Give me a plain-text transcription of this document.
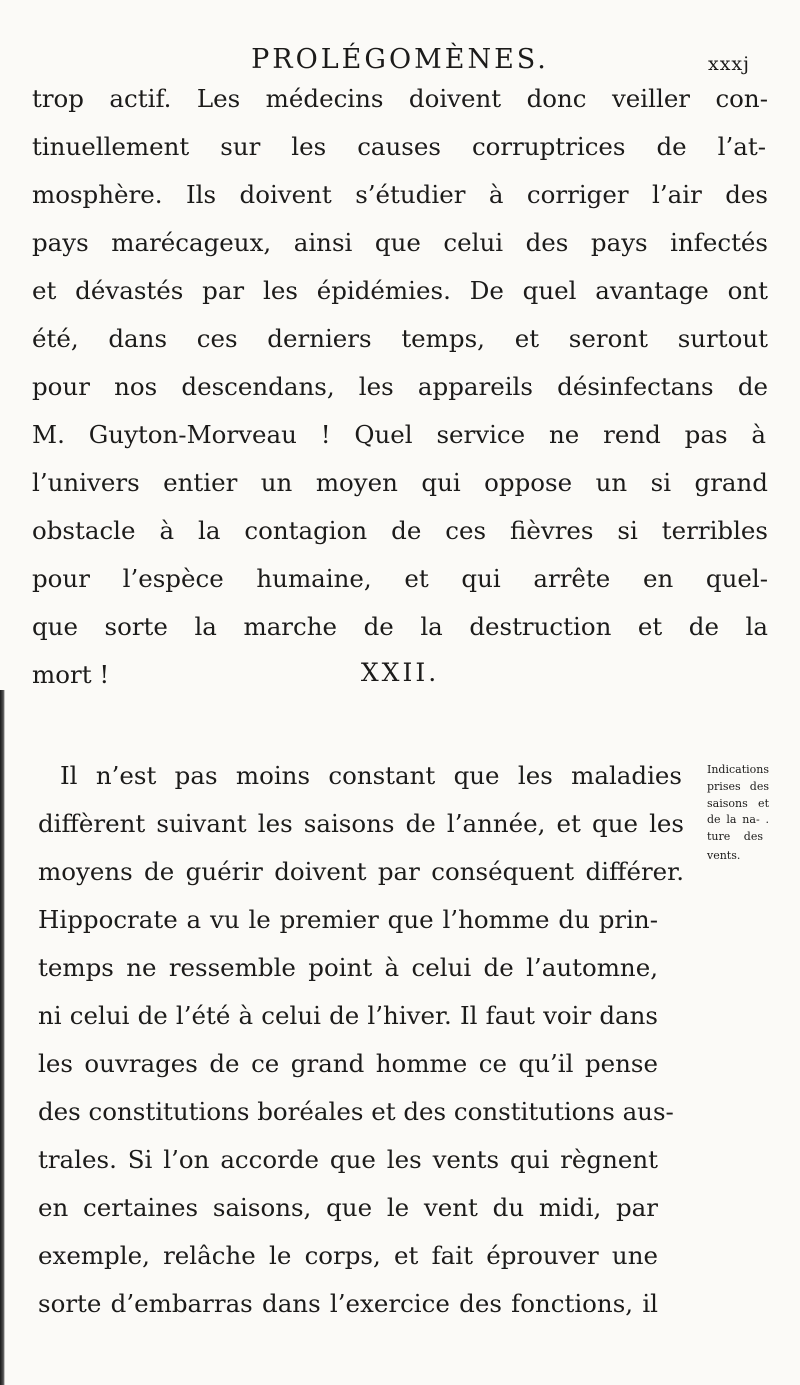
PROLÉGOMÈNES.	xxxj
trop actif. Les médecins doivent donc veiller con-
tinuellement sur les causes corruptrices de l’at-
mosphère. Ils doivent s’étudier à corriger l’air des
pays marécageux, ainsi que celui des pays infectés
et dévastés par les épidémies. De quel avantage ont
été, dans ces derniers temps, et seront surtout
pour nos descendans, les appareils désinfectans de
M. Guyton-Morveau ! Quel service ne rend pas à
l’univers entier un moyen qui oppose un si grand
obstacle à la contagion de ces fièvres si terribles
pour l’espèce humaine, et qui arrête en quel-
que sorte la marche de la destruction et de la
mort !	XXII.
Il n’est pas moins constant que les maladies
diffèrent suivant les saisons de l’année, et que les
moyens de guérir doivent par conséquent différer.
Hippocrate a vu le premier que l’homme du prin-
temps ne ressemble point à celui de l’automne,
ni celui de l’été à celui de l’hiver. Il faut voir dans
les ouvrages de ce grand homme ce qu’il pense
des constitutions boréales et des constitutions aus-
trales. Si l’on accorde que les vents qui règnent
en certaines saisons, que le vent du midi, par
exemple, relâche le corps, et fait éprouver une
sorte d’embarras dans l’exercice des fonctions, il
Indications
prises des
saisons et
de la na- .
ture des
vents.
